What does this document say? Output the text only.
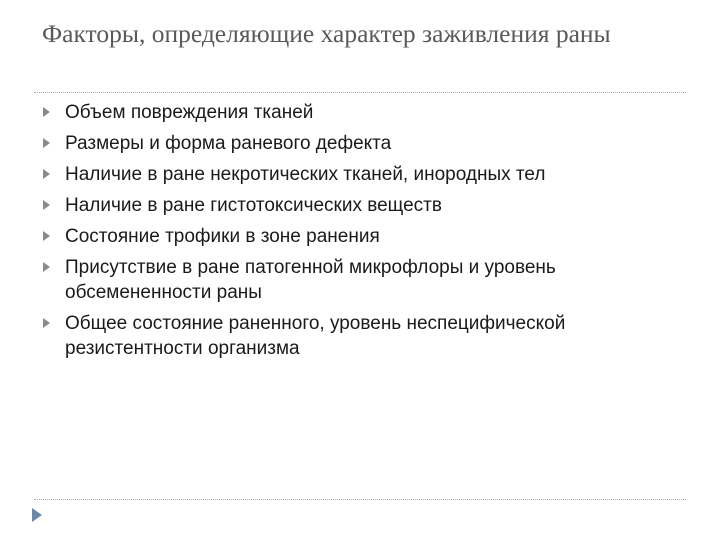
Факторы, определяющие характер заживления раны
Объем повреждения тканей
Размеры и форма раневого дефекта
Наличие в ране некротических тканей, инородных тел
Наличие в ране гистотоксических веществ
Состояние трофики в зоне ранения
Присутствие в ране патогенной микрофлоры и уровень обсемененности раны
Общее состояние раненного, уровень неспецифической резистентности организма
